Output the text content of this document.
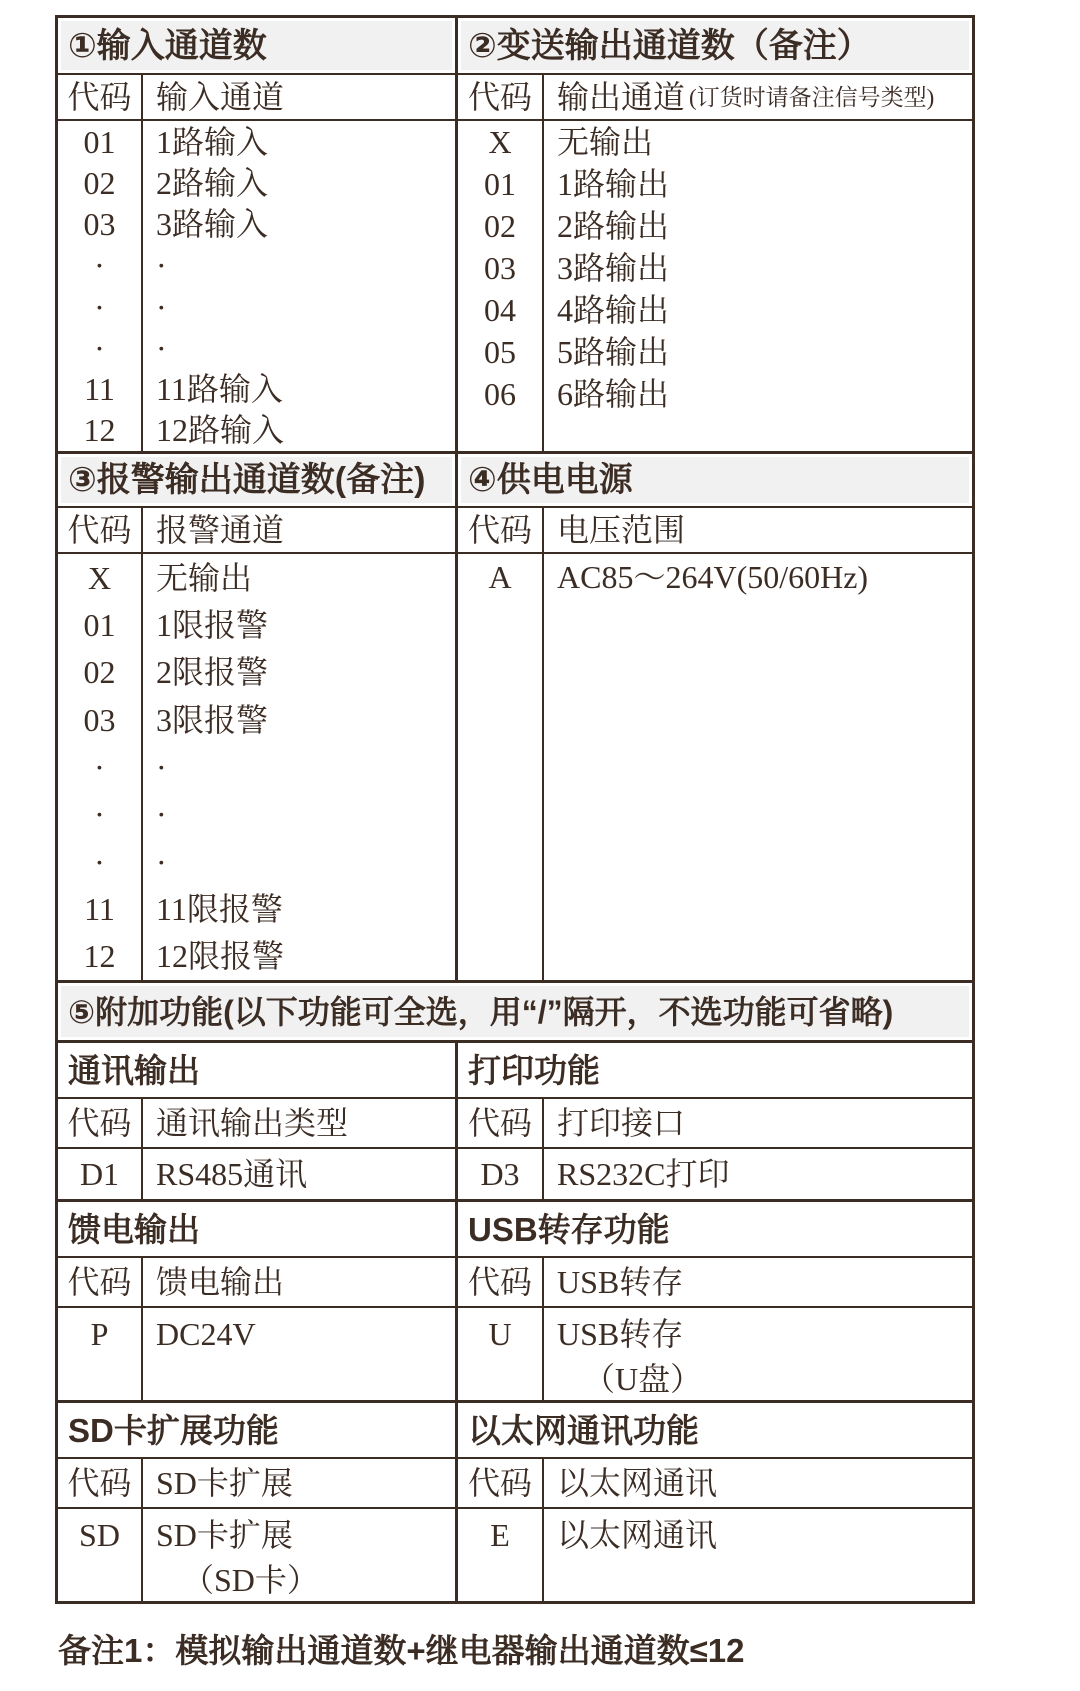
①输入通道数	②变送输出通道数（备注）
代码 输入通道
01	1路输入
02	2路输入
03	3路输入
·	·
·	·
·	·
11	11路输入
12	12路输入
代码 输出通道 (订货时请备注信号类型)
X	无输出
01	1路输出
02	2路输出
03	3路输出
04	4路输出
05	5路输出
06	6路输出
③报警输出通道数(备注)	④供电电源
代码 报警通道
X	无输出
01	1限报警
02	2限报警
03	3限报警
·	·
·	·
·	·
11	11限报警
12	12限报警
代码 电压范围
A	AC85～264V(50/60Hz)
⑤附加功能(以下功能可全选，用“/”隔开，不选功能可省略)
通讯输出
代码 通讯输出类型
D1	RS485通讯
打印功能
代码 打印接口
D3	RS232C打印
馈电输出
代码 馈电输出
P	DC24V
USB转存功能
代码 USB转存
U	USB转存
（U盘）
SD卡扩展功能
代码 SD卡扩展
SD	SD卡扩展
（SD卡）
以太网通讯功能
代码 以太网通讯
E	以太网通讯
备注1：模拟输出通道数+继电器输出通道数≤12
